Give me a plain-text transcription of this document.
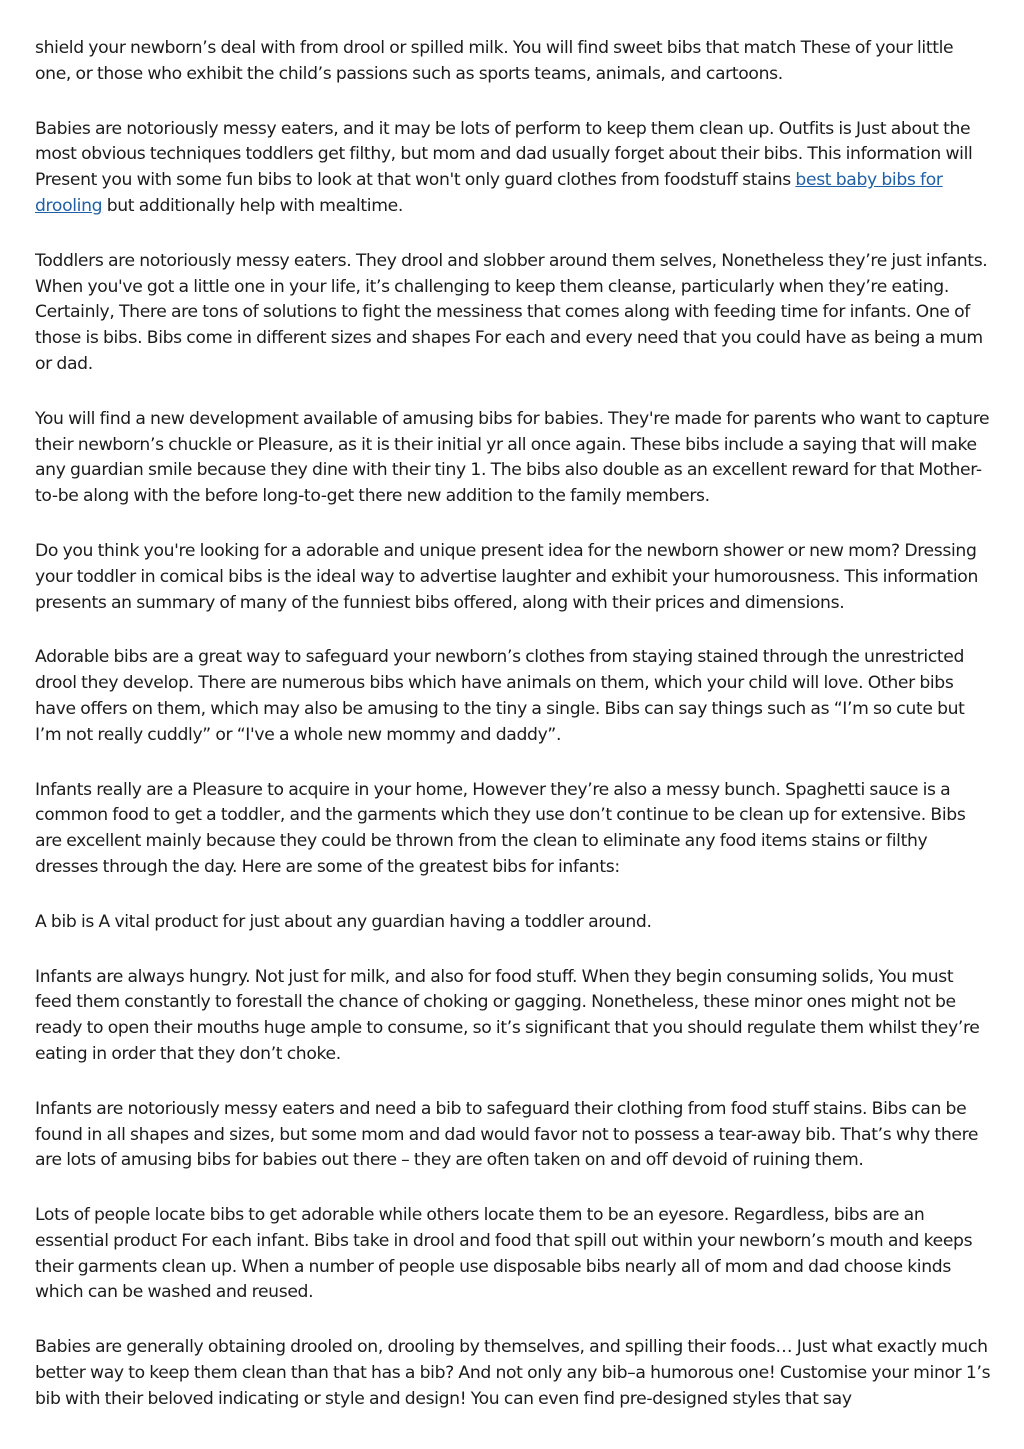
shield your newborn’s deal with from drool or spilled milk. You will find sweet bibs that match These of your little one, or those who exhibit the child’s passions such as sports teams, animals, and cartoons.

Babies are notoriously messy eaters, and it may be lots of perform to keep them clean up. Outfits is Just about the most obvious techniques toddlers get filthy, but mom and dad usually forget about their bibs. This information will Present you with some fun bibs to look at that won't only guard clothes from foodstuff stains best baby bibs for drooling but additionally help with mealtime.

Toddlers are notoriously messy eaters. They drool and slobber around them selves, Nonetheless they’re just infants. When you've got a little one in your life, it’s challenging to keep them cleanse, particularly when they’re eating. Certainly, There are tons of solutions to fight the messiness that comes along with feeding time for infants. One of those is bibs. Bibs come in different sizes and shapes For each and every need that you could have as being a mum or dad.

You will find a new development available of amusing bibs for babies. They're made for parents who want to capture their newborn’s chuckle or Pleasure, as it is their initial yr all once again. These bibs include a saying that will make any guardian smile because they dine with their tiny 1. The bibs also double as an excellent reward for that Mother-to-be along with the before long-to-get there new addition to the family members.

Do you think you're looking for a adorable and unique present idea for the newborn shower or new mom? Dressing your toddler in comical bibs is the ideal way to advertise laughter and exhibit your humorousness. This information presents an summary of many of the funniest bibs offered, along with their prices and dimensions.

Adorable bibs are a great way to safeguard your newborn’s clothes from staying stained through the unrestricted drool they develop. There are numerous bibs which have animals on them, which your child will love. Other bibs have offers on them, which may also be amusing to the tiny a single. Bibs can say things such as “I’m so cute but I’m not really cuddly” or “I've a whole new mommy and daddy”.

Infants really are a Pleasure to acquire in your home, However they’re also a messy bunch. Spaghetti sauce is a common food to get a toddler, and the garments which they use don’t continue to be clean up for extensive. Bibs are excellent mainly because they could be thrown from the clean to eliminate any food items stains or filthy dresses through the day. Here are some of the greatest bibs for infants:

A bib is A vital product for just about any guardian having a toddler around.

Infants are always hungry. Not just for milk, and also for food stuff. When they begin consuming solids, You must feed them constantly to forestall the chance of choking or gagging. Nonetheless, these minor ones might not be ready to open their mouths huge ample to consume, so it’s significant that you should regulate them whilst they’re eating in order that they don’t choke.

Infants are notoriously messy eaters and need a bib to safeguard their clothing from food stuff stains. Bibs can be found in all shapes and sizes, but some mom and dad would favor not to possess a tear-away bib. That’s why there are lots of amusing bibs for babies out there – they are often taken on and off devoid of ruining them.

Lots of people locate bibs to get adorable while others locate them to be an eyesore. Regardless, bibs are an essential product For each infant. Bibs take in drool and food that spill out within your newborn’s mouth and keeps their garments clean up. When a number of people use disposable bibs nearly all of mom and dad choose kinds which can be washed and reused.

Babies are generally obtaining drooled on, drooling by themselves, and spilling their foods… Just what exactly much better way to keep them clean than that has a bib? And not only any bib–a humorous one! Customise your minor 1’s bib with their beloved indicating or style and design! You can even find pre-designed styles that say
